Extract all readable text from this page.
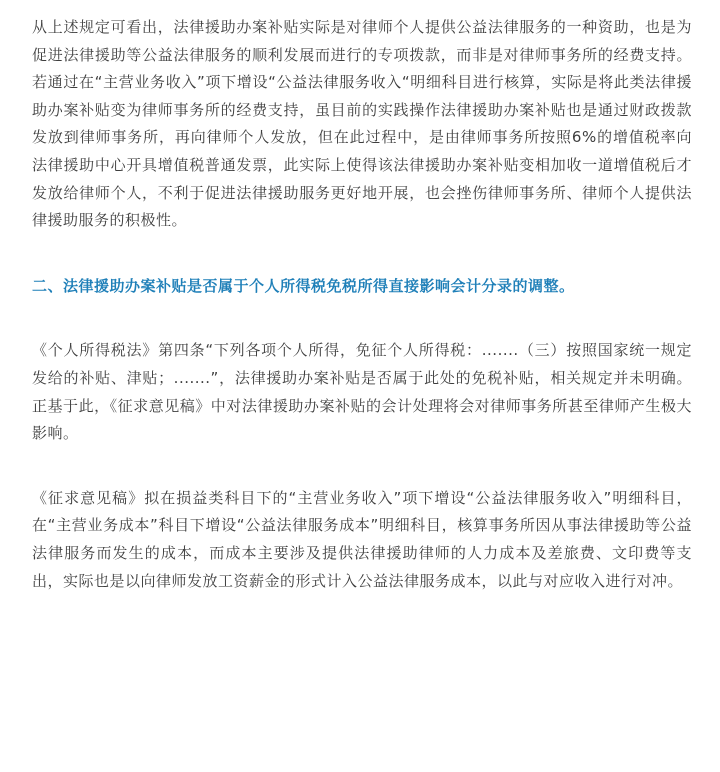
从上述规定可看出，法律援助办案补贴实际是对律师个人提供公益法律服务的一种资助，也是为促进法律援助等公益法律服务的顺利发展而进行的专项拨款，而非是对律师事务所的经费支持。若通过在“主营业务收入”项下增设“公益法律服务收入“明细科目进行核算，实际是将此类法律援助办案补贴变为律师事务所的经费支持，虽目前的实践操作法律援助办案补贴也是通过财政拨款发放到律师事务所，再向律师个人发放，但在此过程中，是由律师事务所按照6%的增值税率向法律援助中心开具增值税普通发票，此实际上使得该法律援助办案补贴变相加收一道增值税后才发放给律师个人，不利于促进法律援助服务更好地开展，也会挫伤律师事务所、律师个人提供法律援助服务的积极性。

二、法律援助办案补贴是否属于个人所得税免税所得直接影响会计分录的调整。

《个人所得税法》第四条“下列各项个人所得，免征个人所得税：.......（三）按照国家统一规定发给的补贴、津贴；.......”，法律援助办案补贴是否属于此处的免税补贴，相关规定并未明确。正基于此，《征求意见稿》中对法律援助办案补贴的会计处理将会对律师事务所甚至律师产生极大影响。

《征求意见稿》拟在损益类科目下的“主营业务收入”项下增设“公益法律服务收入”明细科目，在“主营业务成本”科目下增设“公益法律服务成本”明细科目，核算事务所因从事法律援助等公益法律服务而发生的成本，而成本主要涉及提供法律援助律师的人力成本及差旅费、文印费等支出，实际也是以向律师发放工资薪金的形式计入公益法律服务成本，以此与对应收入进行对冲。
